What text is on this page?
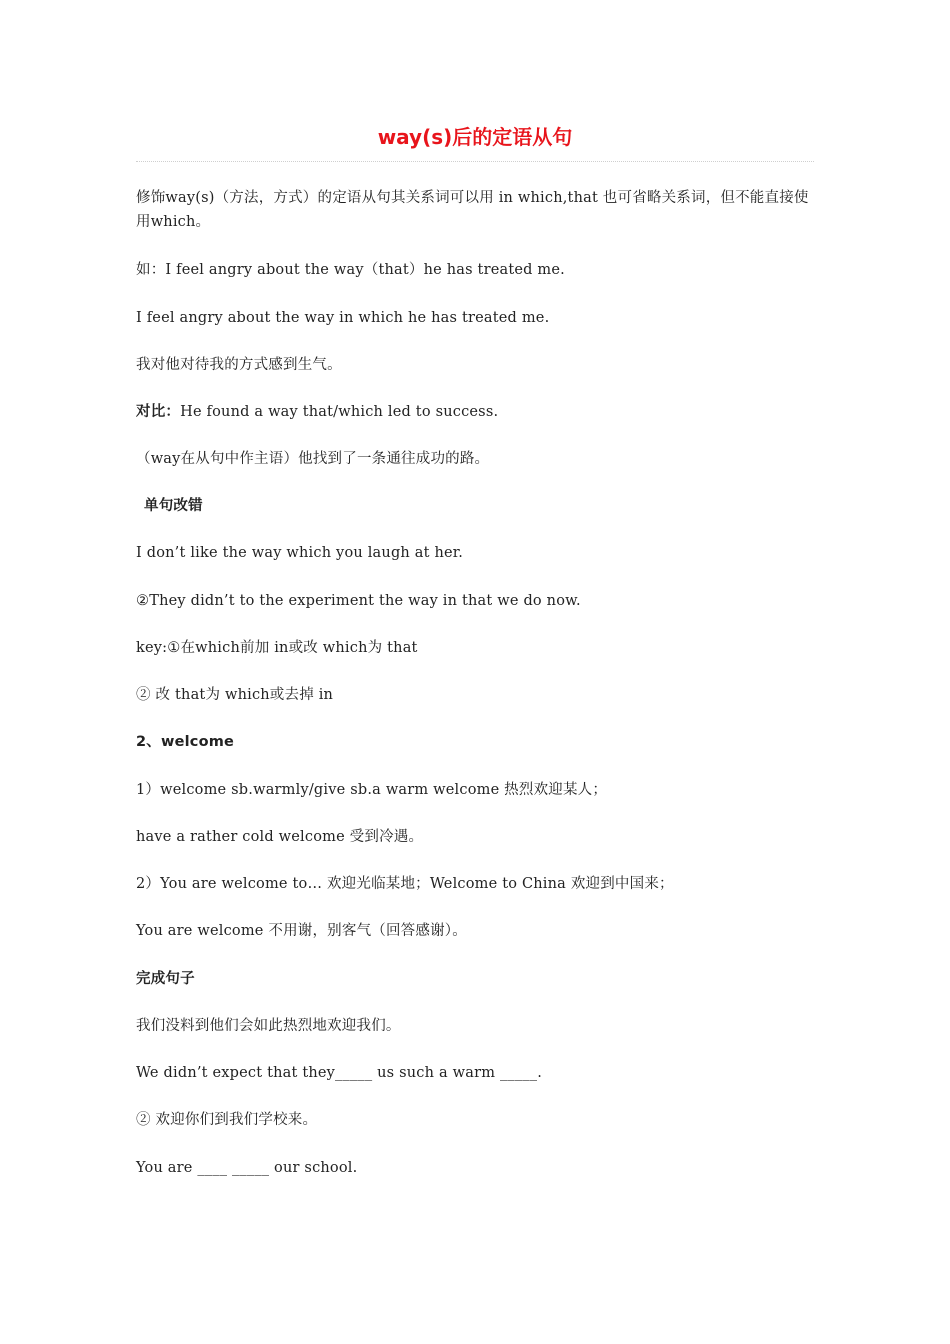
way(s)后的定语从句

修饰way(s)（方法，方式）的定语从句其关系词可以用 in which,that 也可省略关系词，但不能直接使用which。

如：I feel angry about the way（that）he has treated me.

I feel angry about the way in which he has treated me.

我对他对待我的方式感到生气。

对比：He found a way that/which led to success.

（way在从句中作主语）他找到了一条通往成功的路。

单句改错

I don’t like the way which you laugh at her.

②They didn’t to the experiment the way in that we do now.

key:①在which前加 in或改 which为 that

② 改 that为 which或去掉 in

2、welcome

1）welcome sb.warmly/give sb.a warm welcome 热烈欢迎某人；

have a rather cold welcome 受到冷遇。

2）You are welcome to… 欢迎光临某地；Welcome to China 欢迎到中国来；

You are welcome 不用谢，别客气（回答感谢）。

完成句子

我们没料到他们会如此热烈地欢迎我们。

We didn’t expect that they_____ us such a warm _____.

② 欢迎你们到我们学校来。

You are ____ _____ our school.
